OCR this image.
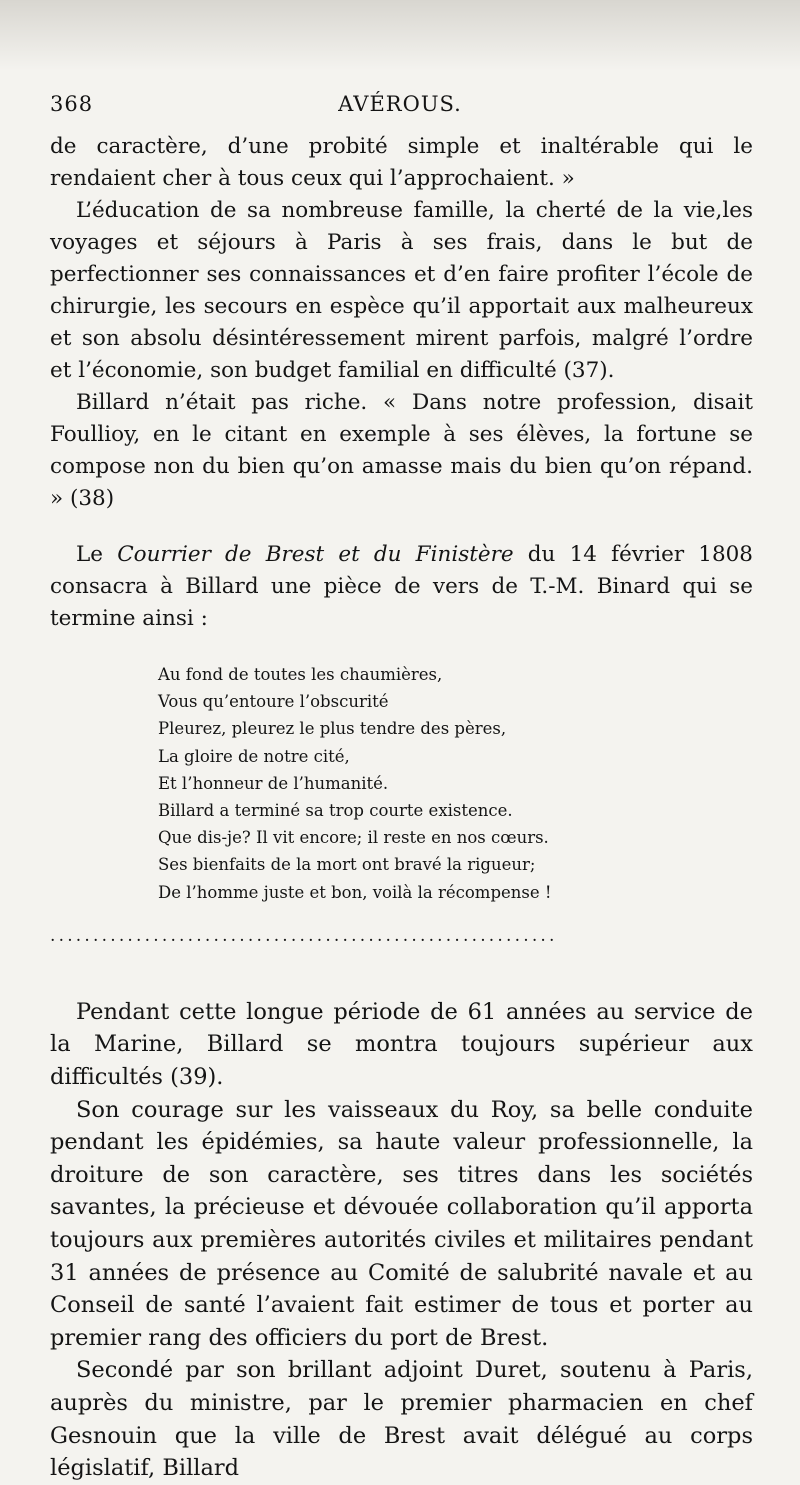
368	AVÉROUS.

de caractère, d’une probité simple et inaltérable qui le rendaient cher à tous ceux qui l’approchaient. »

L’éducation de sa nombreuse famille, la cherté de la vie,les voyages et séjours à Paris à ses frais, dans le but de perfectionner ses connaissances et d’en faire profiter l’école de chirurgie, les secours en espèce qu’il apportait aux malheureux et son absolu désintéressement mirent parfois, malgré l’ordre et l’économie, son budget familial en difficulté (37).

Billard n’était pas riche. « Dans notre profession, disait Foullioy, en le citant en exemple à ses élèves, la fortune se compose non du bien qu’on amasse mais du bien qu’on répand. » (38)

Le Courrier de Brest et du Finistère du 14 février 1808 consacra à Billard une pièce de vers de T.-M. Binard qui se termine ainsi :

Au fond de toutes les chaumières,
Vous qu’entoure l’obscurité
Pleurez, pleurez le plus tendre des pères,
La gloire de notre cité,
Et l’honneur de l’humanité.
Billard a terminé sa trop courte existence.
Que dis-je? Il vit encore; il reste en nos cœurs.
Ses bienfaits de la mort ont bravé la rigueur;
De l’homme juste et bon, voilà la récompense !
...........................................................

Pendant cette longue période de 61 années au service de la Marine, Billard se montra toujours supérieur aux difficultés (39).

Son courage sur les vaisseaux du Roy, sa belle conduite pendant les épidémies, sa haute valeur professionnelle, la droiture de son caractère, ses titres dans les sociétés savantes, la précieuse et dévouée collaboration qu’il apporta toujours aux premières autorités civiles et militaires pendant 31 années de présence au Comité de salubrité navale et au Conseil de santé l’avaient fait estimer de tous et porter au premier rang des officiers du port de Brest.

Secondé par son brillant adjoint Duret, soutenu à Paris, auprès du ministre, par le premier pharmacien en chef Gesnouin que la ville de Brest avait délégué au corps législatif, Billard
